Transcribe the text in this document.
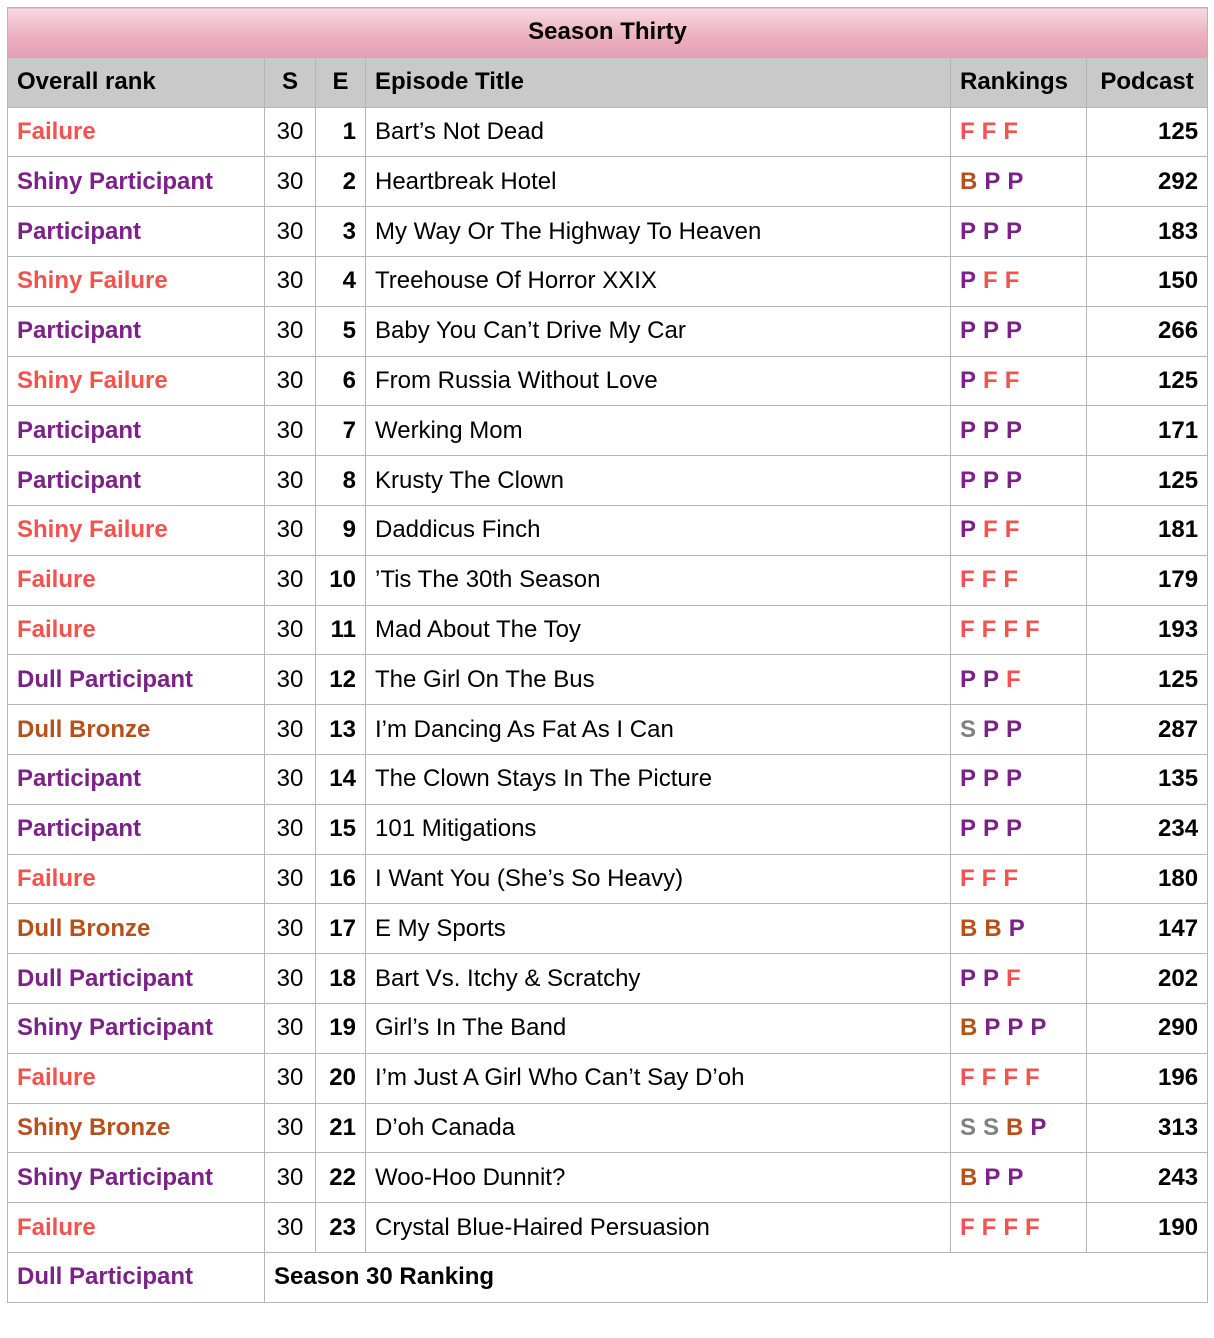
Season Thirty					
Overall rank	S	E	Episode Title	Rankings	Podcast
Failure	30	1	Bart’s Not Dead	F F F	125
Shiny Participant	30	2	Heartbreak Hotel	B P P	292
Participant	30	3	My Way Or The Highway To Heaven	P P P	183
Shiny Failure	30	4	Treehouse Of Horror XXIX	P F F	150
Participant	30	5	Baby You Can’t Drive My Car	P P P	266
Shiny Failure	30	6	From Russia Without Love	P F F	125
Participant	30	7	Werking Mom	P P P	171
Participant	30	8	Krusty The Clown	P P P	125
Shiny Failure	30	9	Daddicus Finch	P F F	181
Failure	30	10	’Tis The 30th Season	F F F	179
Failure	30	11	Mad About The Toy	F F F F	193
Dull Participant	30	12	The Girl On The Bus	P P F	125
Dull Bronze	30	13	I’m Dancing As Fat As I Can	S P P	287
Participant	30	14	The Clown Stays In The Picture	P P P	135
Participant	30	15	101 Mitigations	P P P	234
Failure	30	16	I Want You (She’s So Heavy)	F F F	180
Dull Bronze	30	17	E My Sports	B B P	147
Dull Participant	30	18	Bart Vs. Itchy & Scratchy	P P F	202
Shiny Participant	30	19	Girl’s In The Band	B P P P	290
Failure	30	20	I’m Just A Girl Who Can’t Say D’oh	F F F F	196
Shiny Bronze	30	21	D’oh Canada	S S B P	313
Shiny Participant	30	22	Woo-Hoo Dunnit?	B P P	243
Failure	30	23	Crystal Blue-Haired Persuasion	F F F F	190
Dull Participant	Season 30 Ranking				
